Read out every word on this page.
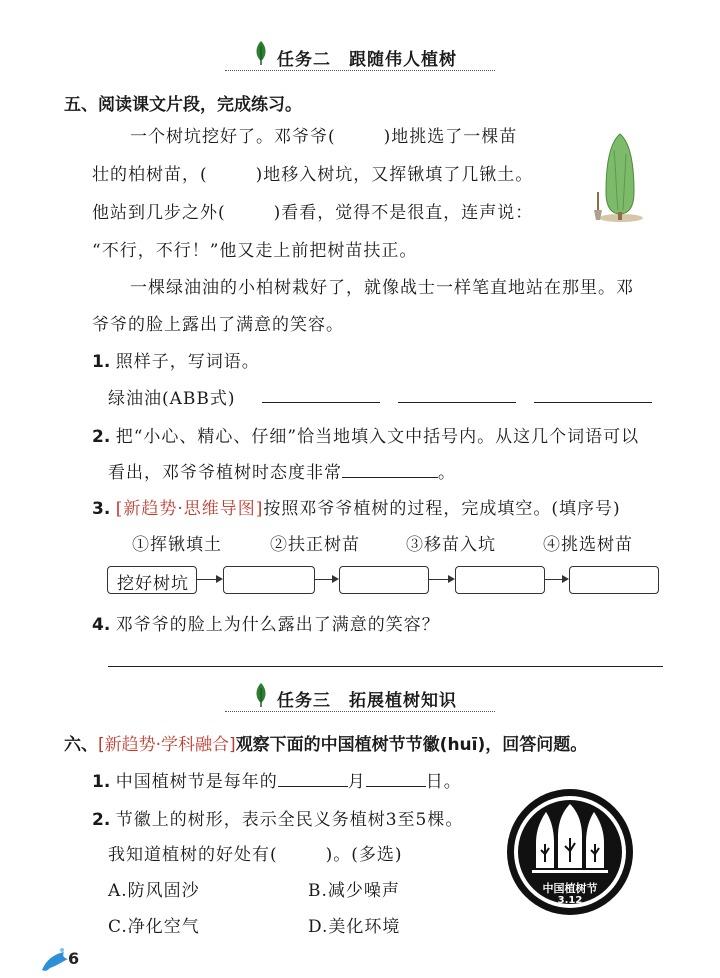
任务二　跟随伟人植树
五、阅读课文片段，完成练习。
一个树坑挖好了。邓爷爷(	)地挑选了一棵苗
壮的柏树苗，(	)地移入树坑，又挥锹填了几锹土。
他站到几步之外(	)看看，觉得不是很直，连声说：
“不行，不行！”他又走上前把树苗扶正。
一棵绿油油的小柏树栽好了，就像战士一样笔直地站在那里。邓
爷爷的脸上露出了满意的笑容。
1. 照样子，写词语。
绿油油(ABB式)
2. 把“小心、精心、仔细”恰当地填入文中括号内。从这几个词语可以
看出，邓爷爷植树时态度非常	。
3. [新趋势·思维导图]按照邓爷爷植树的过程，完成填空。(填序号)
①挥锹填土	②扶正树苗	③移苗入坑	④挑选树苗
挖好树坑
4. 邓爷爷的脸上为什么露出了满意的笑容？
任务三　拓展植树知识
六、[新趋势·学科融合]观察下面的中国植树节节徽(huī)，回答问题。
1. 中国植树节是每年的	月	日。
2. 节徽上的树形，表示全民义务植树3至5棵。
我知道植树的好处有(	)。(多选)
A.防风固沙	B.减少噪声
C.净化空气	D.美化环境
中国植树节
3.12
6
